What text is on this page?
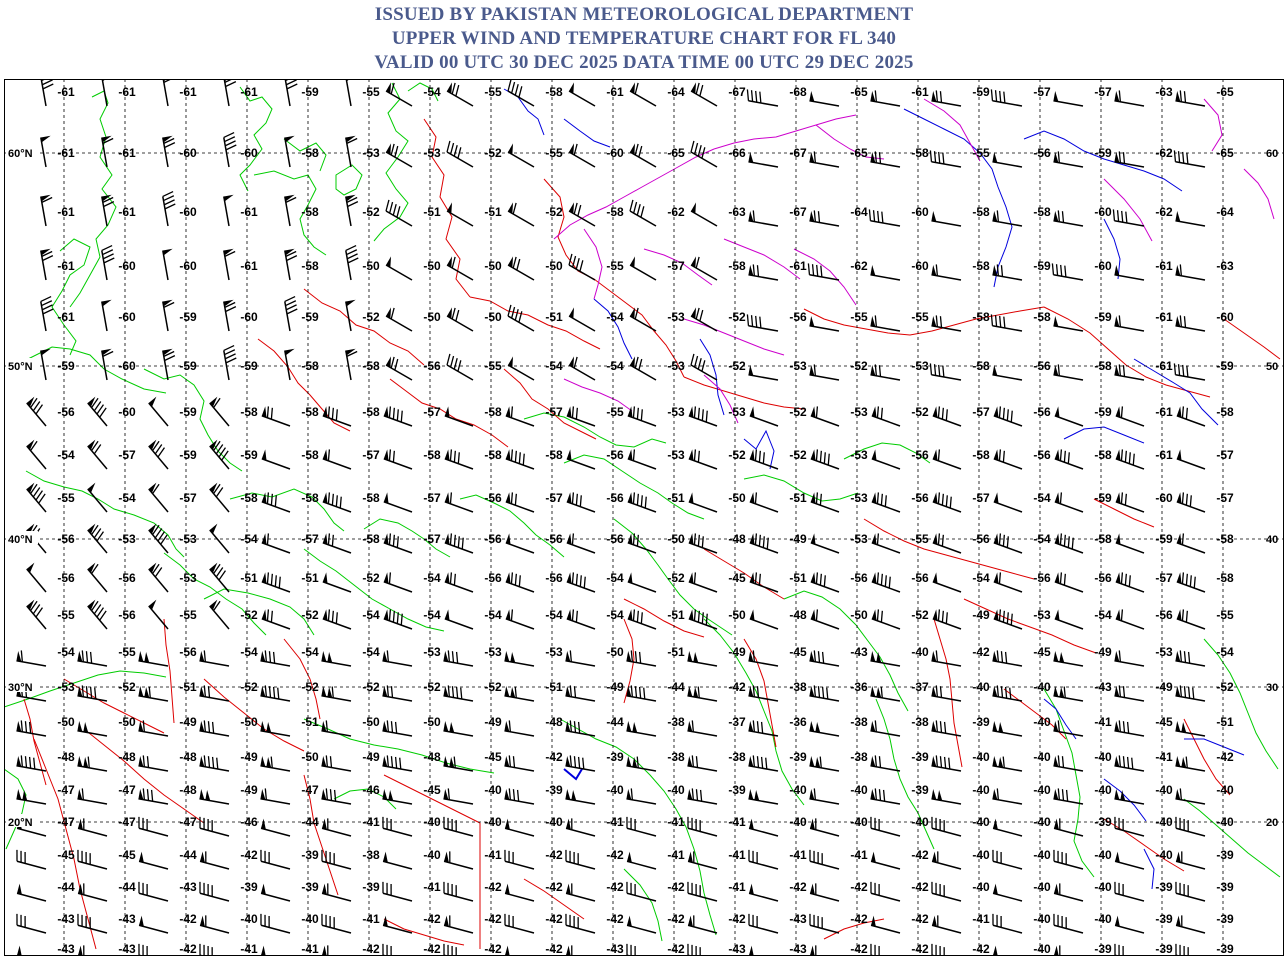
ISSUED BY PAKISTAN METEOROLOGICAL DEPARTMENT
UPPER WIND AND TEMPERATURE CHART FOR FL 340
VALID 00 UTC 30 DEC 2025 DATA TIME 00 UTC 29 DEC 2025
-61	-61	-61	-61	-59	-55	-54	-55	-58	-61	-64	-67	-68	-65	-61	-59	-57	-57	-63	-65
-61	-61	-60	-60	-58	-53	-53	-52	-55	-60	-65	-66	-67	-65	-58	-55	-56	-59	-62	-65
-61	-61	-60	-61	-58	-52	-51	-51	-52	-58	-62	-63	-67	-64	-60	-58	-58	-60	-62	-64
-61	-60	-60	-61	-58	-50	-50	-50	-50	-55	-57	-58	-61	-62	-60	-58	-59	-60	-61	-63
-61	-60	-59	-60	-59	-52	-50	-50	-51	-54	-53	-52	-56	-55	-55	-58	-58	-59	-61	-60
-59	-60	-59	-59	-58	-58	-56	-55	-54	-54	-53	-52	-53	-52	-53	-58	-56	-58	-61	-59
-56	-60	-59	-58	-58	-58	-57	-58	-57	-55	-53	-53	-52	-53	-52	-57	-56	-59	-61	-58
-54	-57	-59	-59	-58	-57	-58	-58	-58	-56	-53	-52	-52	-53	-56	-58	-56	-58	-61	-57
-55	-54	-57	-58	-58	-58	-57	-56	-57	-56	-51	-50	-51	-53	-56	-57	-54	-59	-60	-57
-56	-53	-53	-54	-57	-58	-57	-56	-56	-56	-50	-48	-49	-53	-55	-56	-54	-58	-59	-58
-56	-56	-53	-51	-51	-52	-54	-56	-56	-54	-52	-45	-51	-56	-56	-54	-56	-56	-57	-58
-55	-56	-55	-52	-52	-54	-54	-54	-54	-54	-51	-50	-48	-50	-52	-49	-53	-54	-56	-55
-54	-55	-56	-54	-54	-54	-53	-53	-53	-50	-51	-49	-45	-43	-40	-42	-45	-49	-53	-54
-53	-52	-51	-52	-52	-52	-52	-52	-51	-49	-44	-42	-38	-36	-37	-40	-40	-43	-49	-52
-50	-50	-49	-50	-51	-50	-50	-49	-48	-44	-38	-37	-36	-38	-38	-39	-40	-41	-45	-51
-48	-48	-48	-49	-50	-49	-48	-45	-42	-39	-38	-38	-39	-38	-39	-40	-40	-40	-41	-42
-47	-47	-48	-49	-47	-46	-45	-40	-39	-40	-40	-39	-40	-40	-39	-40	-40	-40	-40	-40
-47	-47	-47	-46	-44	-41	-40	-40	-40	-41	-41	-41	-40	-40	-40	-40	-40	-39	-40	-40
-45	-45	-44	-42	-39	-38	-40	-41	-42	-42	-41	-41	-41	-41	-42	-40	-40	-40	-40	-39
-44	-44	-43	-39	-39	-39	-41	-42	-42	-42	-42	-41	-42	-42	-42	-40	-40	-40	-39	-39
-43	-43	-42	-40	-40	-41	-42	-42	-42	-42	-42	-42	-43	-42	-42	-41	-40	-40	-39	-39
-43	-43	-42	-41	-41	-42	-42	-42	-42	-43	-42	-43	-43	-42	-42	-42	-40	-39	-39	-39
60°N	60
50°N	50
40°N	40
30°N	30
20°N	20
